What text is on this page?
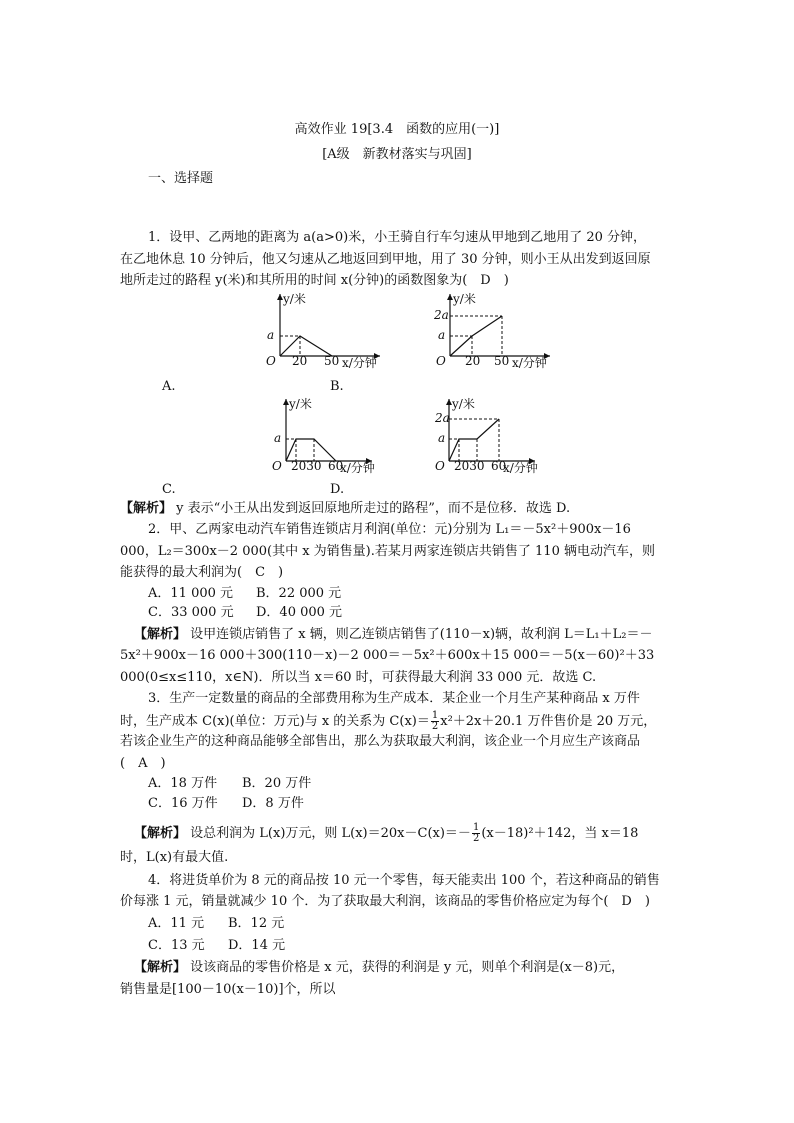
高效作业 19[3.4　函数的应用(一)]
[A级　新教材落实与巩固]
一、选择题
1．设甲、乙两地的距离为 a(a>0)米，小王骑自行车匀速从甲地到乙地用了 20 分钟，
在乙地休息 10 分钟后，他又匀速从乙地返回到甲地，用了 30 分钟，则小王从出发到返回原
地所走过的路程 y(米)和其所用的时间 x(分钟)的函数图象为(　D　)
y/米
a
O 20 50 x/分钟
A.
y/米
2a
a
O 20 50 x/分钟
B.
y/米
a
O 2030 60
x/分钟
C.
y/米
2a
a
O 2030 60
x/分钟
D.
【解析】 y 表示“小王从出发到返回原地所走过的路程”，而不是位移．故选 D.
2．甲、乙两家电动汽车销售连锁店月利润(单位：元)分别为 L₁＝－5x²＋900x－16
000，L₂＝300x－2 000(其中 x 为销售量).若某月两家连锁店共销售了 110 辆电动汽车，则
能获得的最大利润为(　C　)
A．11 000 元 B．22 000 元
C．33 000 元 D．40 000 元
【解析】 设甲连锁店销售了 x 辆，则乙连锁店销售了(110－x)辆，故利润 L＝L₁＋L₂＝－
5x²＋900x－16 000＋300(110－x)－2 000＝－5x²＋600x＋15 000＝－5(x－60)²＋33
000(0≤x≤110，x∈N)．所以当 x＝60 时，可获得最大利润 33 000 元．故选 C.
3．生产一定数量的商品的全部费用称为生产成本．某企业一个月生产某种商品 x 万件
时，生产成本 C(x)(单位：万元)与 x 的关系为 $C(x)= \frac{1}{2} x^2+2x+20.1$ 万件售价是 20 万元，
若该企业生产的这种商品能够全部售出，那么为获取最大利润，该企业一个月应生产该商品
(　A　)
A．18 万件 B．20 万件
C．16 万件 D．8 万件
【解析】 设总利润为 L(x)万元，则 $L(x)=20x-C(x)=- \frac{1}{2} (x-18)^2+142$，当 x＝18
时，L(x)有最大值.
4．将进货单价为 8 元的商品按 10 元一个零售，每天能卖出 100 个，若这种商品的销售
价每涨 1 元，销量就减少 10 个．为了获取最大利润，该商品的零售价格应定为每个(　D　)
A．11 元 B．12 元
C．13 元 D．14 元
【解析】 设该商品的零售价格是 x 元，获得的利润是 y 元，则单个利润是(x－8)元，
销售量是[100－10(x－10)]个，所以
